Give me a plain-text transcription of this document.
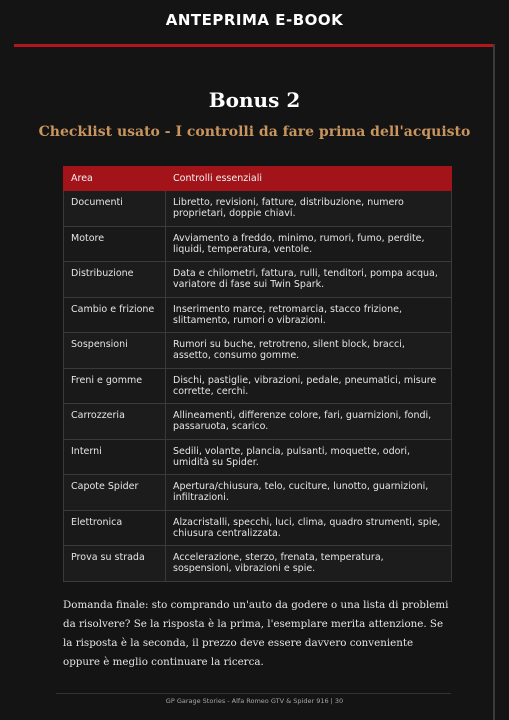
ANTEPRIMA E-BOOK
Bonus 2
Checklist usato - I controlli da fare prima dell'acquisto
Area	Controlli essenziali
Documenti	Libretto, revisioni, fatture, distribuzione, numero proprietari, doppie chiavi.
Motore	Avviamento a freddo, minimo, rumori, fumo, perdite, liquidi, temperatura, ventole.
Distribuzione	Data e chilometri, fattura, rulli, tenditori, pompa acqua, variatore di fase sui Twin Spark.
Cambio e frizione	Inserimento marce, retromarcia, stacco frizione, slittamento, rumori o vibrazioni.
Sospensioni	Rumori su buche, retrotreno, silent block, bracci, assetto, consumo gomme.
Freni e gomme	Dischi, pastiglie, vibrazioni, pedale, pneumatici, misure corrette, cerchi.
Carrozzeria	Allineamenti, differenze colore, fari, guarnizioni, fondi, passaruota, scarico.
Interni	Sedili, volante, plancia, pulsanti, moquette, odori, umidità su Spider.
Capote Spider	Apertura/chiusura, telo, cuciture, lunotto, guarnizioni, infiltrazioni.
Elettronica	Alzacristalli, specchi, luci, clima, quadro strumenti, spie, chiusura centralizzata.
Prova su strada	Accelerazione, sterzo, frenata, temperatura, sospensioni, vibrazioni e spie.

Domanda finale: sto comprando un'auto da godere o una lista di problemi da risolvere? Se la risposta è la prima, l'esemplare merita attenzione. Se la risposta è la seconda, il prezzo deve essere davvero conveniente oppure è meglio continuare la ricerca.

GP Garage Stories - Alfa Romeo GTV & Spider 916 | 30
